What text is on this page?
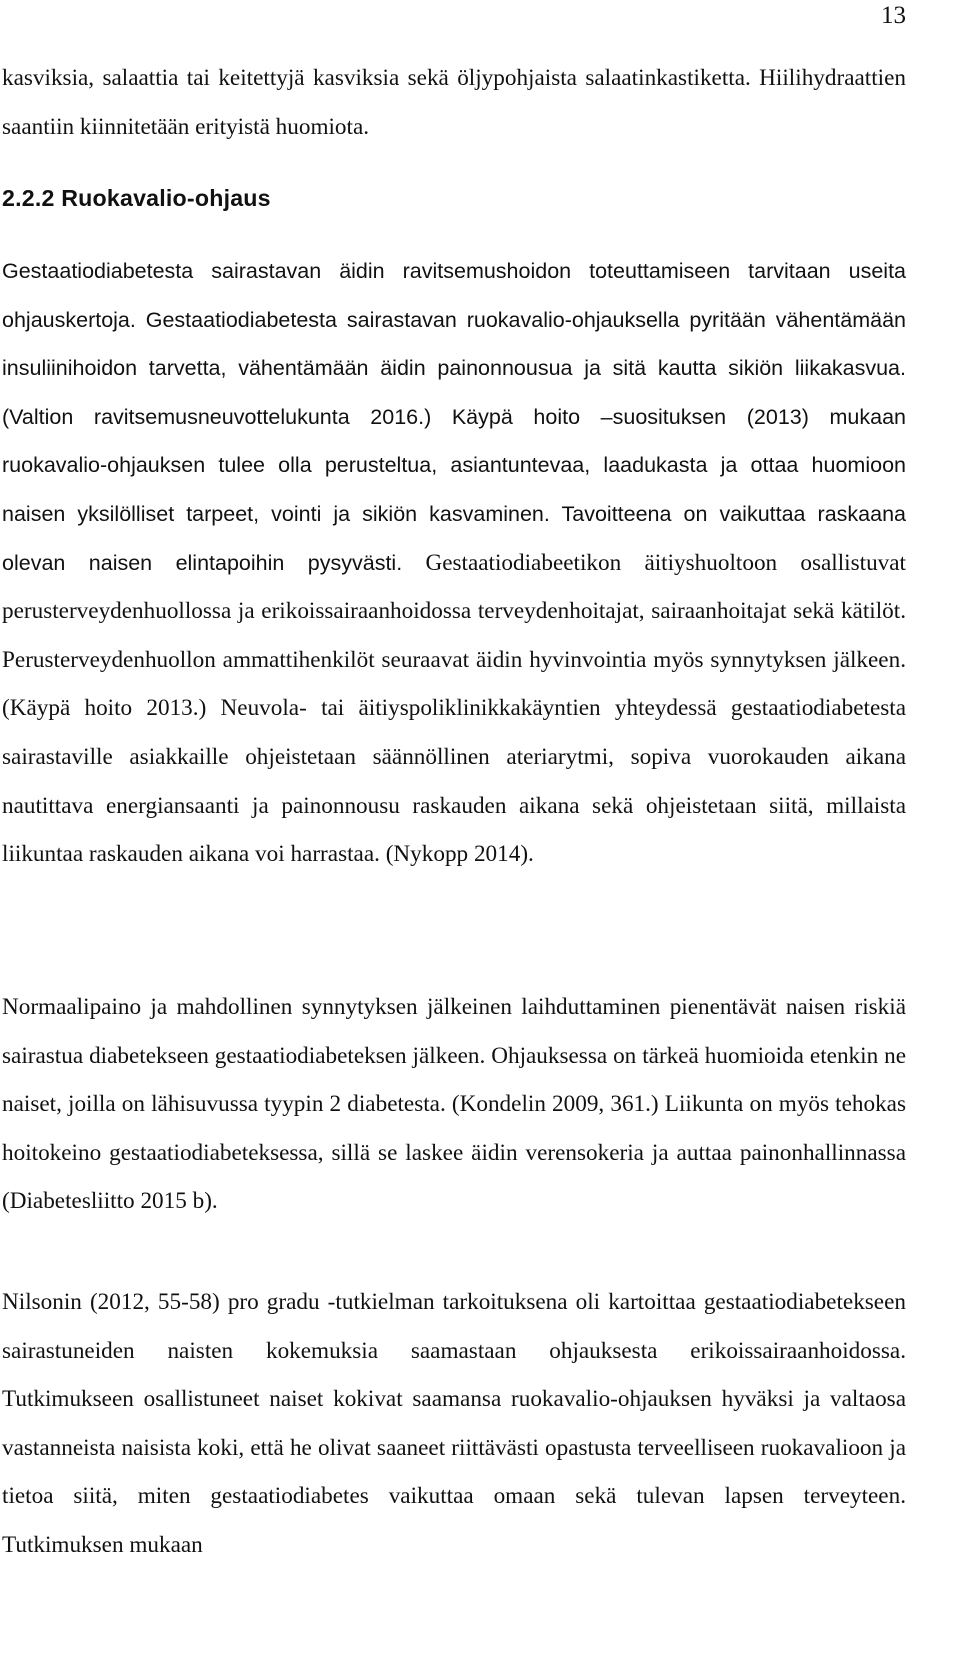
13
kasviksia, salaattia tai keitettyjä kasviksia sekä öljypohjaista salaatinkastiketta. Hiilihydraattien saantiin kiinnitetään erityistä huomiota.
2.2.2 Ruokavalio-ohjaus
Gestaatiodiabetesta sairastavan äidin ravitsemushoidon toteuttamiseen tarvitaan useita ohjauskertoja. Gestaatiodiabetesta sairastavan ruokavalio-ohjauksella pyritään vähentämään insuliinihoidon tarvetta, vähentämään äidin painonnousua ja sitä kautta sikiön liikakasvua. (Valtion ravitsemusneuvottelukunta 2016.) Käypä hoito –suosituksen (2013) mukaan ruokavalio-ohjauksen tulee olla perusteltua, asiantuntevaa, laadukasta ja ottaa huomioon naisen yksilölliset tarpeet, vointi ja sikiön kasvaminen. Tavoitteena on vaikuttaa raskaana olevan naisen elintapoihin pysyvästi. Gestaatiodiabeetikon äitiyshuoltoon osallistuvat perusterveydenhuollossa ja erikoissairaanhoidossa terveydenhoitajat, sairaanhoitajat sekä kätilöt. Perusterveydenhuollon ammattihenkilöt seuraavat äidin hyvinvointia myös synnytyksen jälkeen. (Käypä hoito 2013.) Neuvola- tai äitiyspoliklinikkakäyntien yhteydessä gestaatiodiabetesta sairastaville asiakkaille ohjeistetaan säännöllinen ateriarytmi, sopiva vuorokauden aikana nautittava energiansaanti ja painonnousu raskauden aikana sekä ohjeistetaan siitä, millaista liikuntaa raskauden aikana voi harrastaa. (Nykopp 2014).
Normaalipaino ja mahdollinen synnytyksen jälkeinen laihduttaminen pienentävät naisen riskiä sairastua diabetekseen gestaatiodiabeteksen jälkeen. Ohjauksessa on tärkeä huomioida etenkin ne naiset, joilla on lähisuvussa tyypin 2 diabetesta. (Kondelin 2009, 361.) Liikunta on myös tehokas hoitokeino gestaatiodiabeteksessa, sillä se laskee äidin verensokeria ja auttaa painonhallinnassa (Diabetesliitto 2015 b).
Nilsonin (2012, 55-58) pro gradu -tutkielman tarkoituksena oli kartoittaa gestaatiodiabetekseen sairastuneiden naisten kokemuksia saamastaan ohjauksesta erikoissairaanhoidossa. Tutkimukseen osallistuneet naiset kokivat saamansa ruokavalio-ohjauksen hyväksi ja valtaosa vastanneista naisista koki, että he olivat saaneet riittävästi opastusta terveelliseen ruokavalioon ja tietoa siitä, miten gestaatiodiabetes vaikuttaa omaan sekä tulevan lapsen terveyteen. Tutkimuksen mukaan
